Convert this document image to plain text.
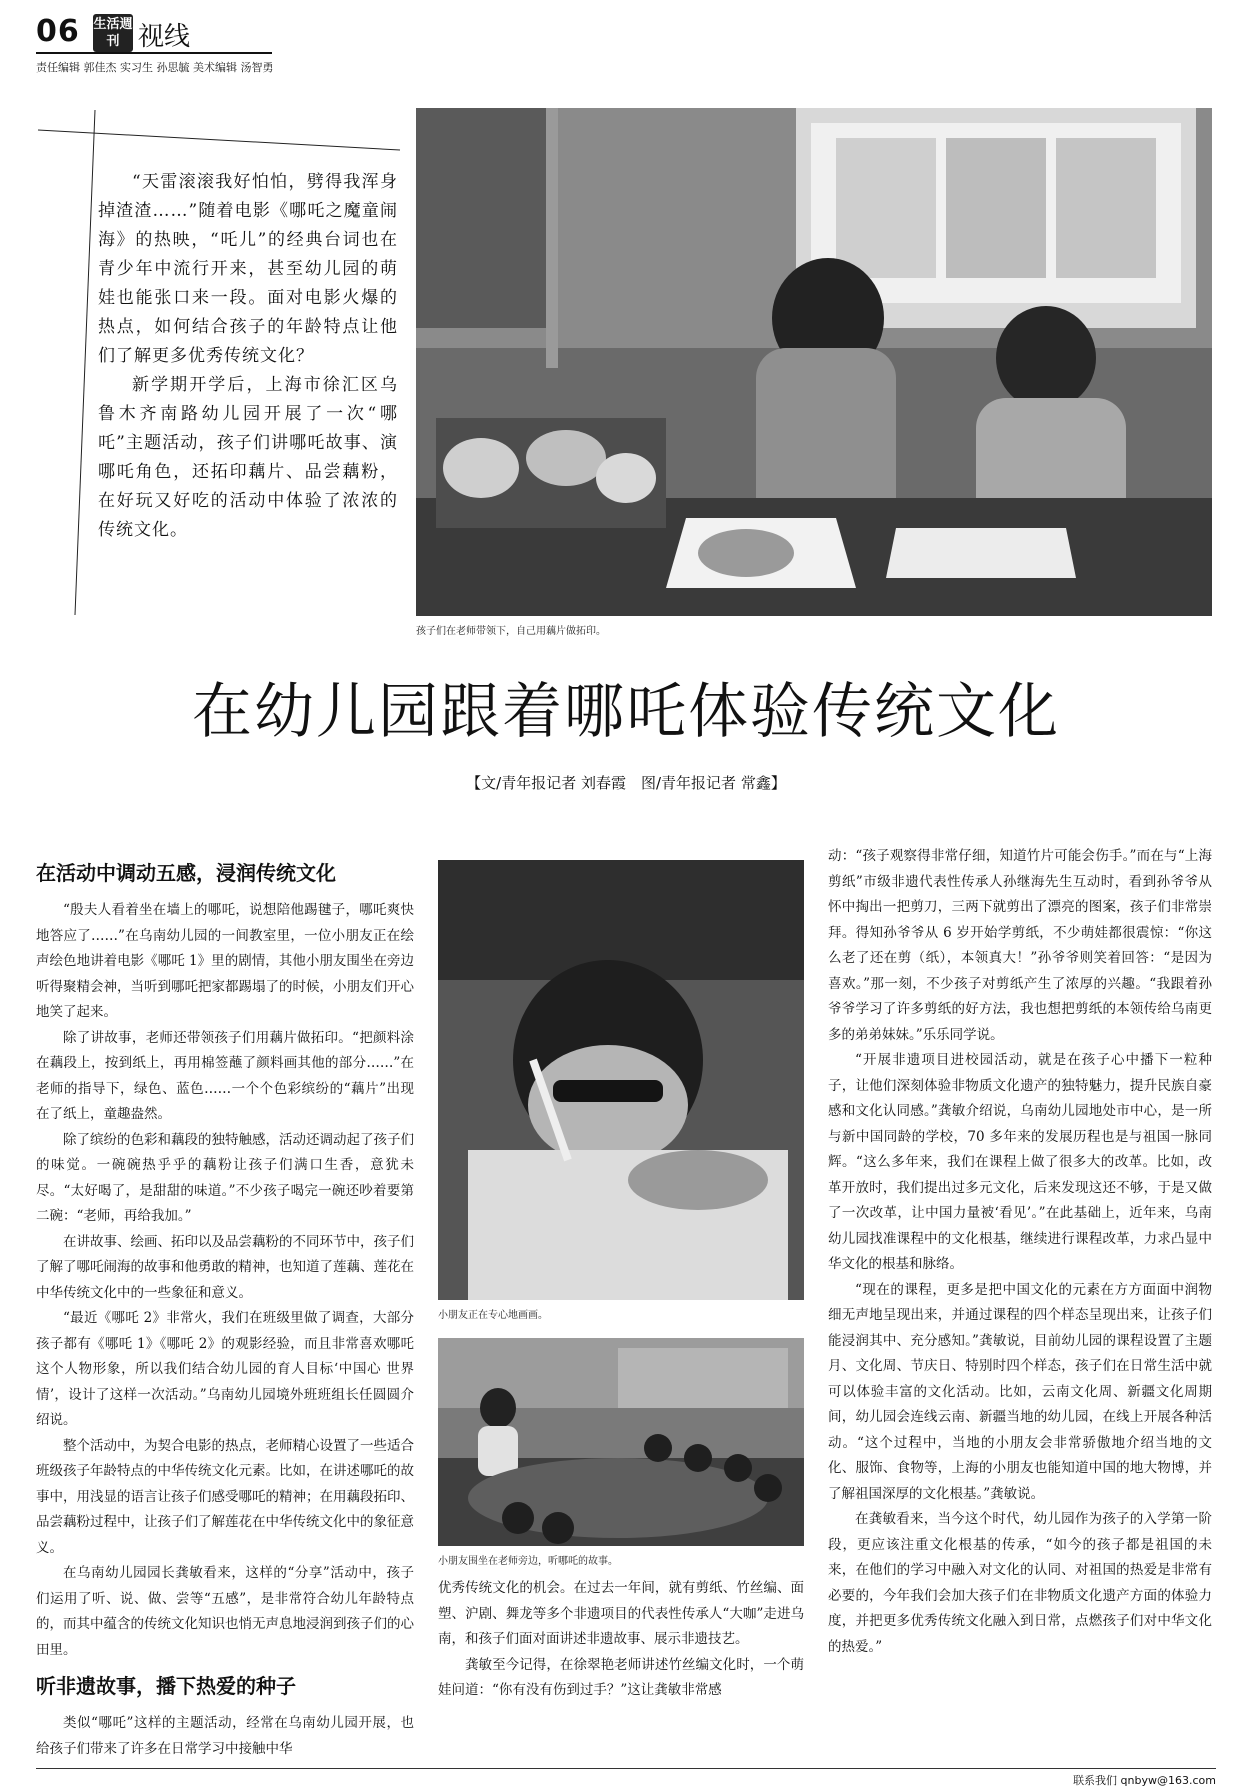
06 生活週刊 视线
责任编辑 郭佳杰 实习生 孙思毓 美术编辑 汤智勇

“天雷滚滚我好怕怕，劈得我浑身掉渣渣……”随着电影《哪吒之魔童闹海》的热映，“吒儿”的经典台词也在青少年中流行开来，甚至幼儿园的萌娃也能张口来一段。面对电影火爆的热点，如何结合孩子的年龄特点让他们了解更多优秀传统文化？

新学期开学后，上海市徐汇区乌鲁木齐南路幼儿园开展了一次“哪吒”主题活动，孩子们讲哪吒故事、演哪吒角色，还拓印藕片、品尝藕粉，在好玩又好吃的活动中体验了浓浓的传统文化。

孩子们在老师带领下，自己用藕片做拓印。
在幼儿园跟着哪吒体验传统文化
【文/青年报记者 刘春霞　图/青年报记者 常鑫】
在活动中调动五感，浸润传统文化

“殷夫人看着坐在墙上的哪吒，说想陪他踢毽子，哪吒爽快地答应了……”在乌南幼儿园的一间教室里，一位小朋友正在绘声绘色地讲着电影《哪吒 1》里的剧情，其他小朋友围坐在旁边听得聚精会神，当听到哪吒把家都踢塌了的时候，小朋友们开心地笑了起来。

除了讲故事，老师还带领孩子们用藕片做拓印。“把颜料涂在藕段上，按到纸上，再用棉签蘸了颜料画其他的部分……”在老师的指导下，绿色、蓝色……一个个色彩缤纷的“藕片”出现在了纸上，童趣盎然。

除了缤纷的色彩和藕段的独特触感，活动还调动起了孩子们的味觉。一碗碗热乎乎的藕粉让孩子们满口生香，意犹未尽。“太好喝了，是甜甜的味道。”不少孩子喝完一碗还吵着要第二碗：“老师，再给我加。”

在讲故事、绘画、拓印以及品尝藕粉的不同环节中，孩子们了解了哪吒闹海的故事和他勇敢的精神，也知道了莲藕、莲花在中华传统文化中的一些象征和意义。

“最近《哪吒 2》非常火，我们在班级里做了调查，大部分孩子都有《哪吒 1》《哪吒 2》的观影经验，而且非常喜欢哪吒这个人物形象，所以我们结合幼儿园的育人目标‘中国心 世界情’，设计了这样一次活动。”乌南幼儿园境外班班组长任圆圆介绍说。

整个活动中，为契合电影的热点，老师精心设置了一些适合班级孩子年龄特点的中华传统文化元素。比如，在讲述哪吒的故事中，用浅显的语言让孩子们感受哪吒的精神；在用藕段拓印、品尝藕粉过程中，让孩子们了解莲花在中华传统文化中的象征意义。

在乌南幼儿园园长龚敏看来，这样的“分享”活动中，孩子们运用了听、说、做、尝等“五感”，是非常符合幼儿年龄特点的，而其中蕴含的传统文化知识也悄无声息地浸润到孩子们的心田里。

听非遗故事，播下热爱的种子

类似“哪吒”这样的主题活动，经常在乌南幼儿园开展，也给孩子们带来了许多在日常学习中接触中华

小朋友正在专心地画画。
小朋友围坐在老师旁边，听哪吒的故事。

优秀传统文化的机会。在过去一年间，就有剪纸、竹丝编、面塑、沪剧、舞龙等多个非遗项目的代表性传承人“大咖”走进乌南，和孩子们面对面讲述非遗故事、展示非遗技艺。

龚敏至今记得，在徐翠艳老师讲述竹丝编文化时，一个萌娃问道：“你有没有伤到过手？”这让龚敏非常感

动：“孩子观察得非常仔细，知道竹片可能会伤手。”而在与“上海剪纸”市级非遗代表性传承人孙继海先生互动时，看到孙爷爷从怀中掏出一把剪刀，三两下就剪出了漂亮的图案，孩子们非常崇拜。得知孙爷爷从 6 岁开始学剪纸，不少萌娃都很震惊：“你这么老了还在剪（纸），本领真大！”孙爷爷则笑着回答：“是因为喜欢。”那一刻，不少孩子对剪纸产生了浓厚的兴趣。“我跟着孙爷爷学习了许多剪纸的好方法，我也想把剪纸的本领传给乌南更多的弟弟妹妹。”乐乐同学说。

“开展非遗项目进校园活动，就是在孩子心中播下一粒种子，让他们深刻体验非物质文化遗产的独特魅力，提升民族自豪感和文化认同感。”龚敏介绍说，乌南幼儿园地处市中心，是一所与新中国同龄的学校，70 多年来的发展历程也是与祖国一脉同辉。“这么多年来，我们在课程上做了很多大的改革。比如，改革开放时，我们提出过多元文化，后来发现这还不够，于是又做了一次改革，让中国力量被‘看见’。”在此基础上，近年来，乌南幼儿园找准课程中的文化根基，继续进行课程改革，力求凸显中华文化的根基和脉络。

“现在的课程，更多是把中国文化的元素在方方面面中润物细无声地呈现出来，并通过课程的四个样态呈现出来，让孩子们能浸润其中、充分感知。”龚敏说，目前幼儿园的课程设置了主题月、文化周、节庆日、特别时四个样态，孩子们在日常生活中就可以体验丰富的文化活动。比如，云南文化周、新疆文化周期间，幼儿园会连线云南、新疆当地的幼儿园，在线上开展各种活动。“这个过程中，当地的小朋友会非常骄傲地介绍当地的文化、服饰、食物等，上海的小朋友也能知道中国的地大物博，并了解祖国深厚的文化根基。”龚敏说。

在龚敏看来，当今这个时代，幼儿园作为孩子的入学第一阶段，更应该注重文化根基的传承，“如今的孩子都是祖国的未来，在他们的学习中融入对文化的认同、对祖国的热爱是非常有必要的，今年我们会加大孩子们在非物质文化遗产方面的体验力度，并把更多优秀传统文化融入到日常，点燃孩子们对中华文化的热爱。”

联系我们 qnbyw@163.com
